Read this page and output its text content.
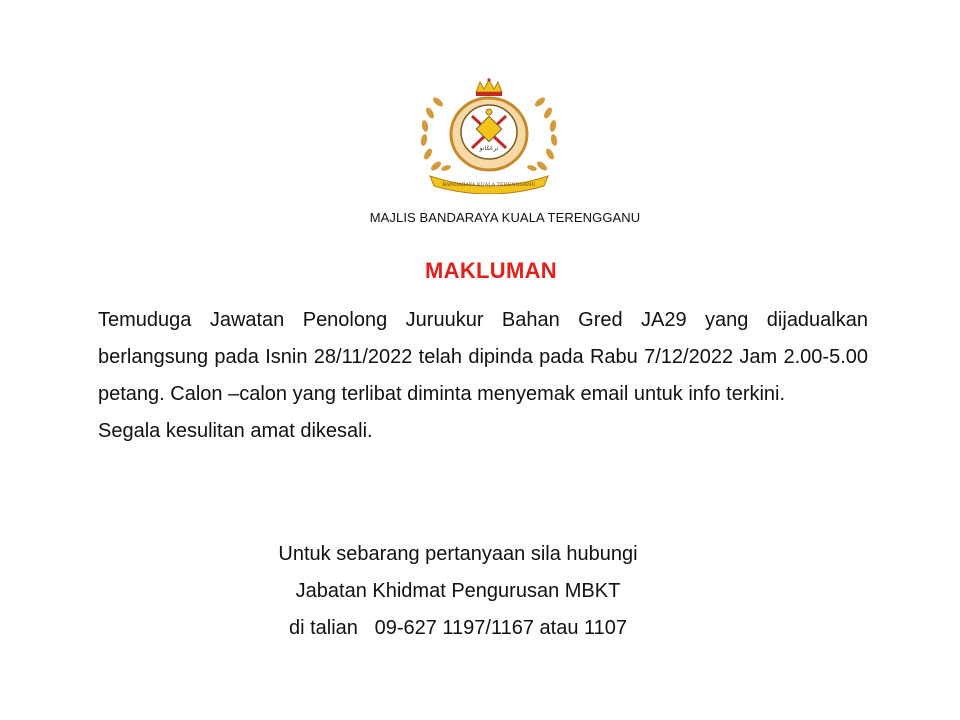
ترڠݢانو
BANDARAYA KUALA TERENGGANU
MAJLIS BANDARAYA KUALA TERENGGANU
MAKLUMAN

Temuduga Jawatan Penolong Juruukur Bahan Gred JA29 yang dijadualkan berlangsung pada Isnin 28/11/2022 telah dipinda pada Rabu 7/12/2022 Jam 2.00-5.00 petang. Calon –calon yang terlibat diminta menyemak email untuk info terkini.

Segala kesulitan amat dikesali.

Untuk sebarang pertanyaan sila hubungi
Jabatan Khidmat Pengurusan MBKT
di talian   09-627 1197/1167 atau 1107
